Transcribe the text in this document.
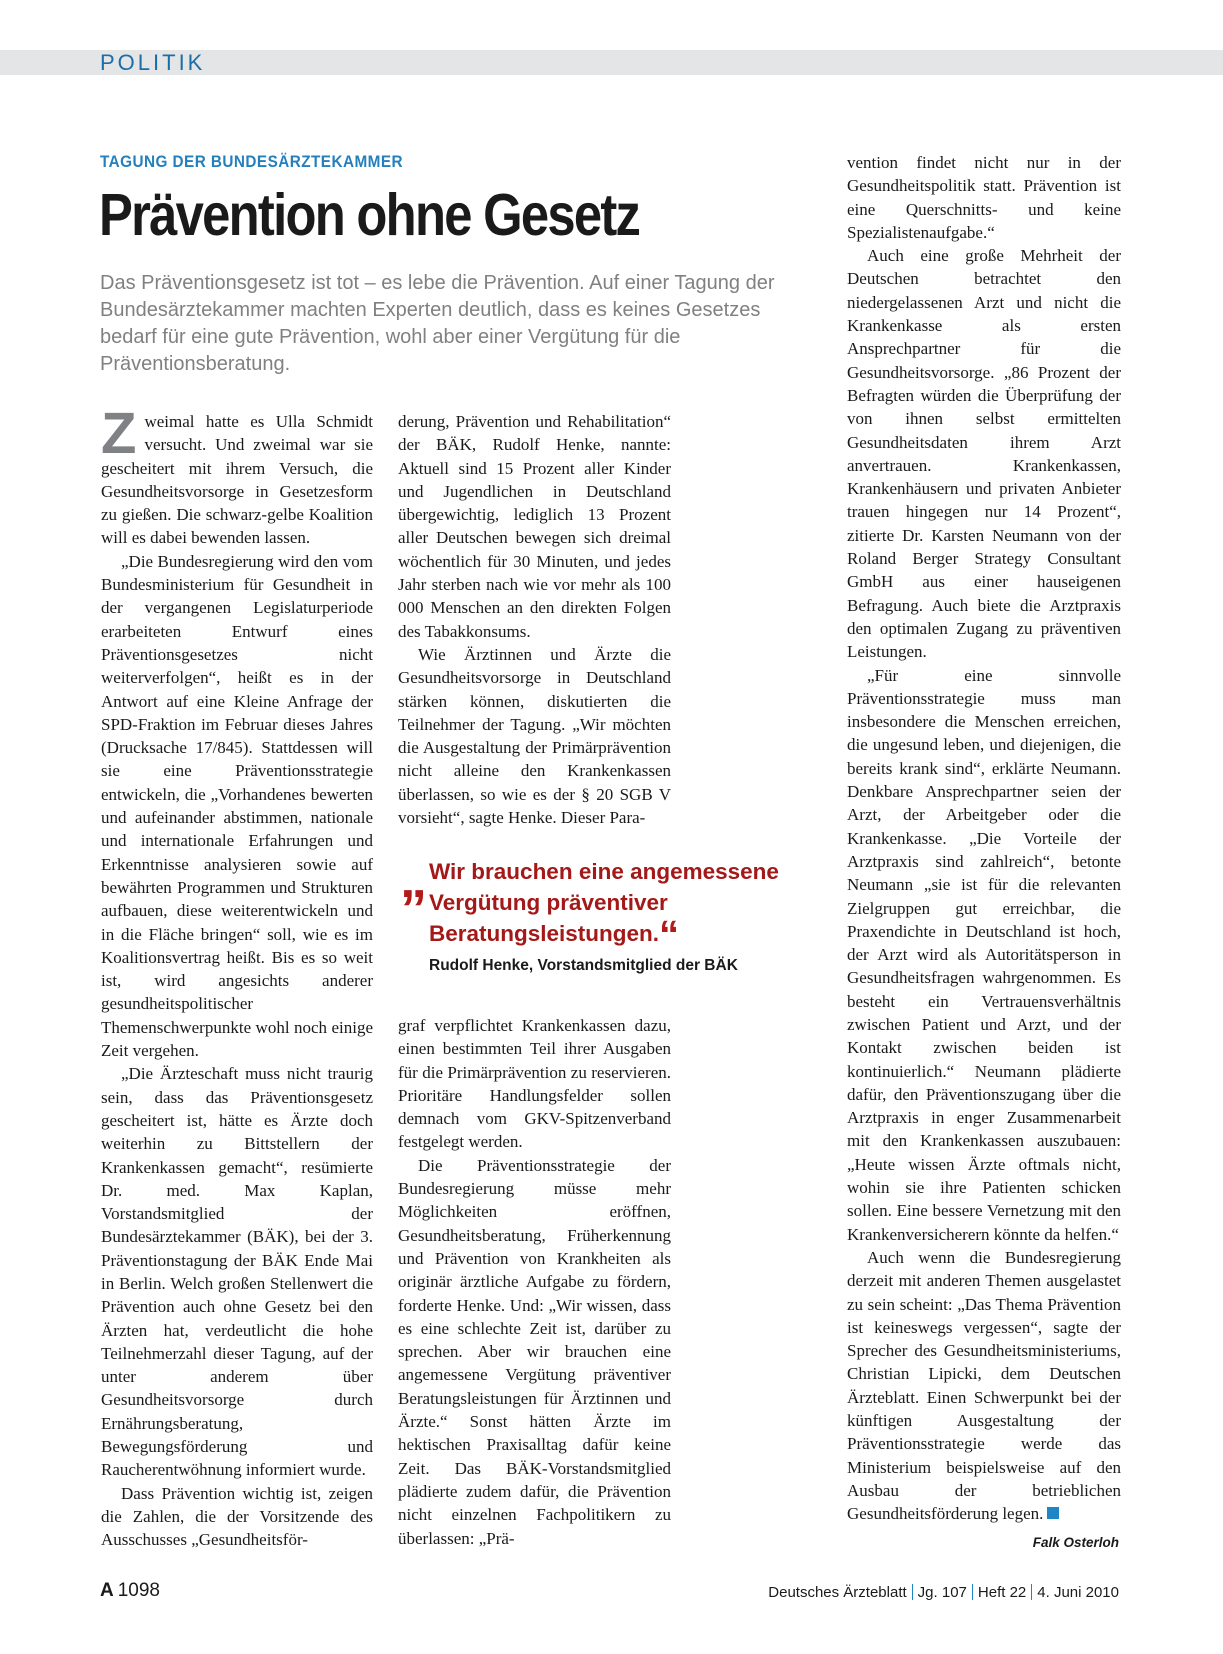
POLITIK
TAGUNG DER BUNDESÄRZTEKAMMER
Prävention ohne Gesetz
Das Präventionsgesetz ist tot – es lebe die Prävention. Auf einer Tagung der Bundesärztekammer machten Experten deutlich, dass es keines Gesetzes bedarf für eine gute Prävention, wohl aber einer Vergütung für die Präventionsberatung.

Zweimal hatte es Ulla Schmidt versucht. Und zweimal war sie gescheitert mit ihrem Versuch, die Gesundheitsvorsorge in Gesetzesform zu gießen. Die schwarz-gelbe Koalition will es dabei bewenden lassen.

„Die Bundesregierung wird den vom Bundesministerium für Gesundheit in der vergangenen Legislaturperiode erarbeiteten Entwurf eines Präventionsgesetzes nicht weiterverfolgen“, heißt es in der Antwort auf eine Kleine Anfrage der SPD-Fraktion im Februar dieses Jahres (Drucksache 17/845). Stattdessen will sie eine Präventionsstrategie entwickeln, die „Vorhandenes bewerten und aufeinander abstimmen, nationale und internationale Erfahrungen und Erkenntnisse analysieren sowie auf bewährten Programmen und Strukturen aufbauen, diese weiterentwickeln und in die Fläche bringen“ soll, wie es im Koalitionsvertrag heißt. Bis es so weit ist, wird angesichts anderer gesundheitspolitischer Themenschwerpunkte wohl noch einige Zeit vergehen.

„Die Ärzteschaft muss nicht traurig sein, dass das Präventionsgesetz gescheitert ist, hätte es Ärzte doch weiterhin zu Bittstellern der Krankenkassen gemacht“, resümierte Dr. med. Max Kaplan, Vorstandsmitglied der Bundesärztekammer (BÄK), bei der 3. Präventionstagung der BÄK Ende Mai in Berlin. Welch großen Stellenwert die Prävention auch ohne Gesetz bei den Ärzten hat, verdeutlicht die hohe Teilnehmerzahl dieser Tagung, auf der unter anderem über Gesundheitsvorsorge durch Ernährungsberatung, Bewegungsförderung und Raucherentwöhnung informiert wurde.

Dass Prävention wichtig ist, zeigen die Zahlen, die der Vorsitzende des Ausschusses „Gesundheitsför-

derung, Prävention und Rehabilitation“ der BÄK, Rudolf Henke, nannte: Aktuell sind 15 Prozent aller Kinder und Jugendlichen in Deutschland übergewichtig, lediglich 13 Prozent aller Deutschen bewegen sich dreimal wöchentlich für 30 Minuten, und jedes Jahr sterben nach wie vor mehr als 100 000 Menschen an den direkten Folgen des Tabakkonsums.

Wie Ärztinnen und Ärzte die Gesundheitsvorsorge in Deutschland stärken können, diskutierten die Teilnehmer der Tagung. „Wir möchten die Ausgestaltung der Primärprävention nicht alleine den Krankenkassen überlassen, so wie es der § 20 SGB V vorsieht“, sagte Henke. Dieser Para-

„ Wir brauchen eine angemessene Vergütung präventiver Beratungsleistungen.“
Rudolf Henke, Vorstandsmitglied der BÄK

graf verpflichtet Krankenkassen dazu, einen bestimmten Teil ihrer Ausgaben für die Primärprävention zu reservieren. Prioritäre Handlungsfelder sollen demnach vom GKV-Spitzenverband festgelegt werden.

Die Präventionsstrategie der Bundesregierung müsse mehr Möglichkeiten eröffnen, Gesundheitsberatung, Früherkennung und Prävention von Krankheiten als originär ärztliche Aufgabe zu fördern, forderte Henke. Und: „Wir wissen, dass es eine schlechte Zeit ist, darüber zu sprechen. Aber wir brauchen eine angemessene Vergütung präventiver Beratungsleistungen für Ärztinnen und Ärzte.“ Sonst hätten Ärzte im hektischen Praxisalltag dafür keine Zeit. Das BÄK-Vorstandsmitglied plädierte zudem dafür, die Prävention nicht einzelnen Fachpolitikern zu überlassen: „Prä-

vention findet nicht nur in der Gesundheitspolitik statt. Prävention ist eine Querschnitts- und keine Spezialistenaufgabe.“

Auch eine große Mehrheit der Deutschen betrachtet den niedergelassenen Arzt und nicht die Krankenkasse als ersten Ansprechpartner für die Gesundheitsvorsorge. „86 Prozent der Befragten würden die Überprüfung der von ihnen selbst ermittelten Gesundheitsdaten ihrem Arzt anvertrauen. Krankenkassen, Krankenhäusern und privaten Anbieter trauen hingegen nur 14 Prozent“, zitierte Dr. Karsten Neumann von der Roland Berger Strategy Consultant GmbH aus einer hauseigenen Befragung. Auch biete die Arztpraxis den optimalen Zugang zu präventiven Leistungen.

„Für eine sinnvolle Präventionsstrategie muss man insbesondere die Menschen erreichen, die ungesund leben, und diejenigen, die bereits krank sind“, erklärte Neumann. Denkbare Ansprechpartner seien der Arzt, der Arbeitgeber oder die Krankenkasse. „Die Vorteile der Arztpraxis sind zahlreich“, betonte Neumann „sie ist für die relevanten Zielgruppen gut erreichbar, die Praxendichte in Deutschland ist hoch, der Arzt wird als Autoritätsperson in Gesundheitsfragen wahrgenommen. Es besteht ein Vertrauensverhältnis zwischen Patient und Arzt, und der Kontakt zwischen beiden ist kontinuierlich.“ Neumann plädierte dafür, den Präventionszugang über die Arztpraxis in enger Zusammenarbeit mit den Krankenkassen auszubauen: „Heute wissen Ärzte oftmals nicht, wohin sie ihre Patienten schicken sollen. Eine bessere Vernetzung mit den Krankenversicherern könnte da helfen.“

Auch wenn die Bundesregierung derzeit mit anderen Themen ausgelastet zu sein scheint: „Das Thema Prävention ist keineswegs vergessen“, sagte der Sprecher des Gesundheitsministeriums, Christian Lipicki, dem Deutschen Ärzteblatt. Einen Schwerpunkt bei der künftigen Ausgestaltung der Präventionsstrategie werde das Ministerium beispielsweise auf den Ausbau der betrieblichen Gesundheitsförderung legen.

Falk Osterloh
A 1098	Deutsches Ärzteblatt Jg. 107 Heft 22 4. Juni 2010
